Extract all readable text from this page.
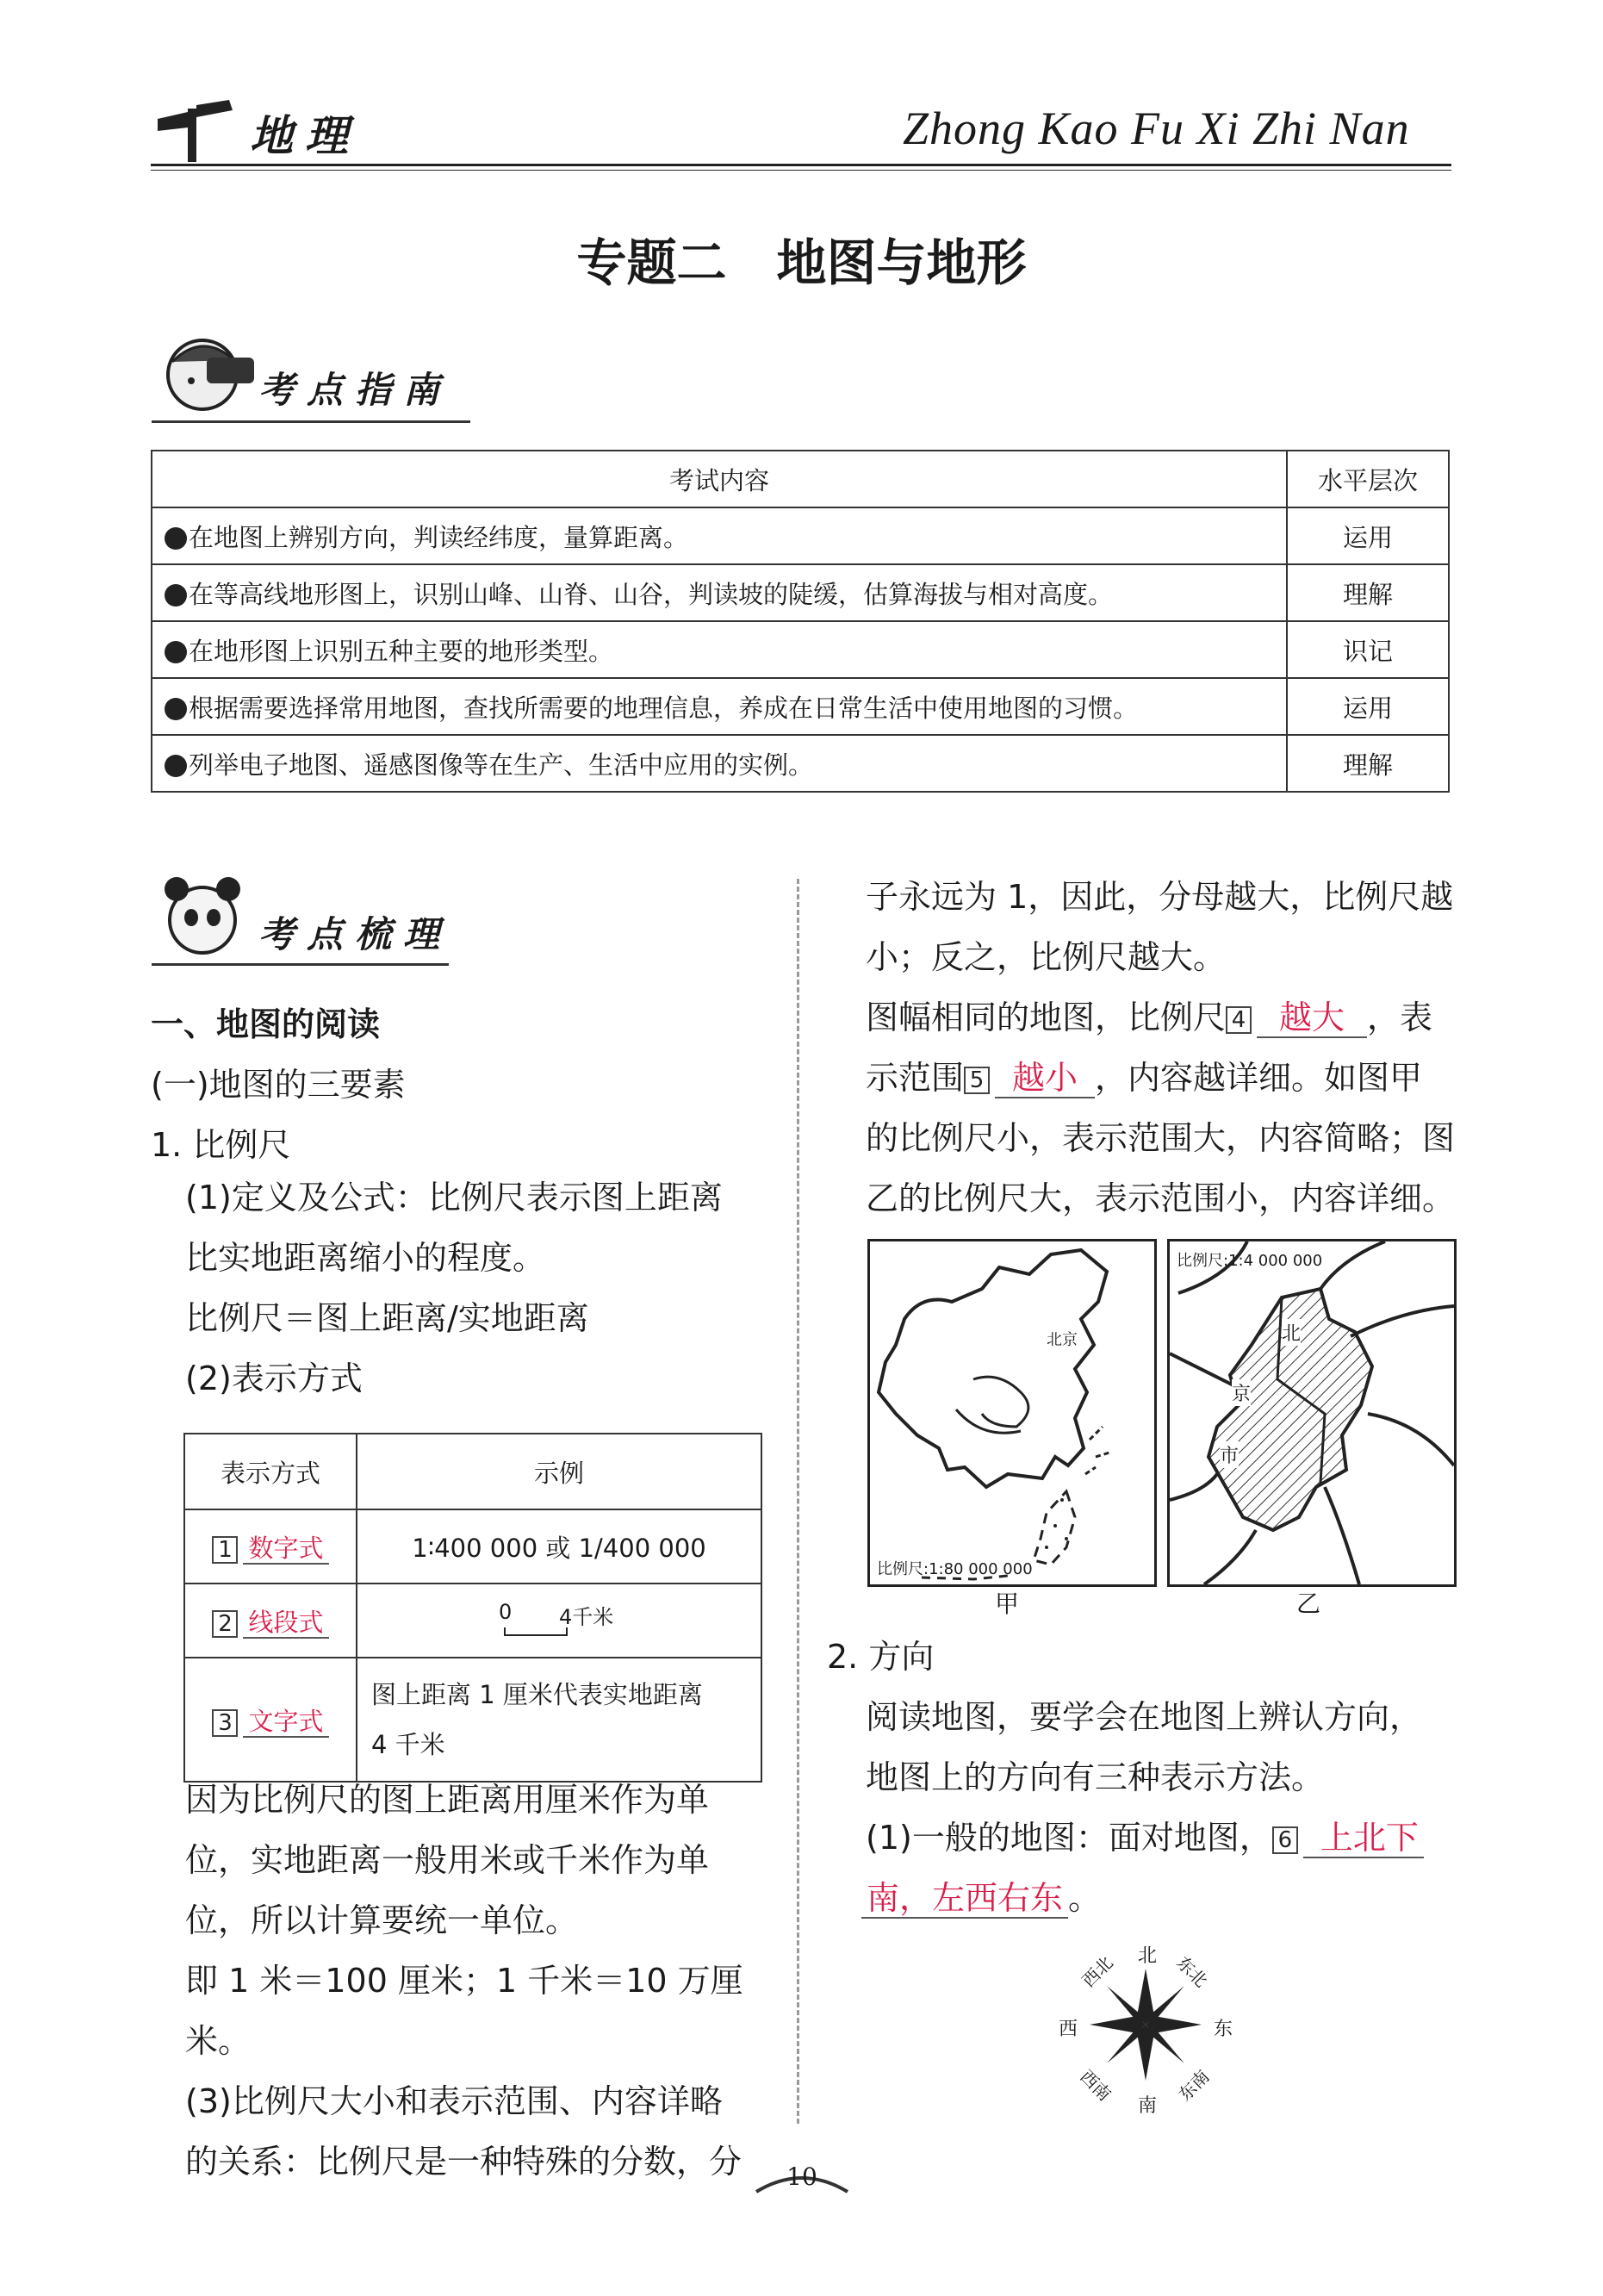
地理	Zhong Kao Fu Xi Zhi Nan
专题二　地图与地形
考点指南
考试内容	水平层次
在地图上辨别方向，判读经纬度，量算距离。	运用
在等高线地形图上，识别山峰、山脊、山谷，判读坡的陡缓，估算海拔与相对高度。	理解
在地形图上识别五种主要的地形类型。	识记
根据需要选择常用地图，查找所需要的地理信息，养成在日常生活中使用地图的习惯。	运用
列举电子地图、遥感图像等在生产、生活中应用的实例。	理解
考点梳理
一、地图的阅读
(一)地图的三要素
1. 比例尺
(1)定义及公式：比例尺表示图上距离
比实地距离缩小的程度。
比例尺＝图上距离/实地距离
(2)表示方式
表示方式	示例
1 数字式	1∶400 000 或 1/400 000
2 线段式	0 4千米

3 文字式	图上距离 1 厘米代表实地距离
4 千米
因为比例尺的图上距离用厘米作为单
位，实地距离一般用米或千米作为单
位，所以计算要统一单位。
即 1 米＝100 厘米；1 千米＝10 万厘米。
(3)比例尺大小和表示范围、内容详略
的关系：比例尺是一种特殊的分数，分
子永远为 1，因此，分母越大，比例尺越
小；反之，比例尺越大。
图幅相同的地图，比例尺 4 越大 ，表
示范围 5 越小 ，内容越详细。如图甲
的比例尺小，表示范围大，内容简略；图
乙的比例尺大，表示范围小，内容详细。
北京
比例尺:1:80 000 000
甲
比例尺:1:4 000 000
北
京
市
乙
2. 方向
阅读地图，要学会在地图上辨认方向，
地图上的方向有三种表示方法。
(1)一般的地图：面对地图， 6 上北下
南，左西右东 。
北
南
西	东
西北	东北
西南	东南
10
